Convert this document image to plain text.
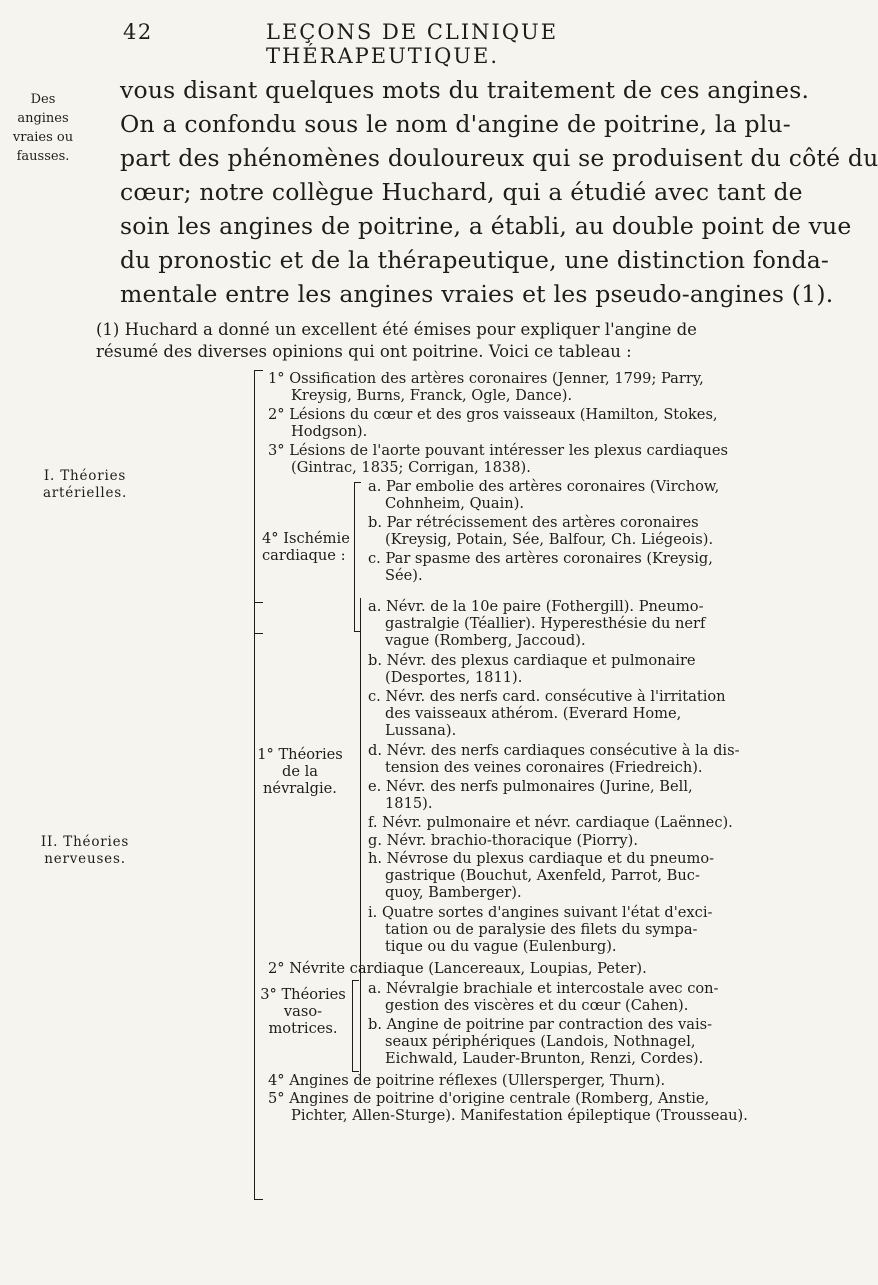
42	LEÇONS DE CLINIQUE THÉRAPEUTIQUE.
Des angines vraies ou fausses.
vous disant quelques mots du traitement de ces angines.
On a confondu sous le nom d'angine de poitrine, la plu-
part des phénomènes douloureux qui se produisent du côté du
cœur; notre collègue Huchard, qui a étudié avec tant de
soin les angines de poitrine, a établi, au double point de vue
du pronostic et de la thérapeutique, une distinction fonda-
mentale entre les angines vraies et les pseudo-angines (1).
(1) Huchard a donné un excellent été émises pour expliquer l'angine de
résumé des diverses opinions qui ont poitrine. Voici ce tableau :
I. Théories
artérielles.
1° Ossification des artères coronaires (Jenner, 1799; Parry,
Kreysig, Burns, Franck, Ogle, Dance).
2° Lésions du cœur et des gros vaisseaux (Hamilton, Stokes,
Hodgson).
3° Lésions de l'aorte pouvant intéresser les plexus cardiaques
(Gintrac, 1835; Corrigan, 1838).
4° Ischémie
cardiaque :
a. Par embolie des artères coronaires (Virchow,
Cohnheim, Quain).
b. Par rétrécissement des artères coronaires
(Kreysig, Potain, Sée, Balfour, Ch. Liégeois).
c. Par spasme des artères coronaires (Kreysig,
Sée).
II. Théories
nerveuses.
1° Théories
de la
névralgie.
a. Névr. de la 10e paire (Fothergill). Pneumo-
gastralgie (Téallier). Hyperesthésie du nerf
vague (Romberg, Jaccoud).
b. Névr. des plexus cardiaque et pulmonaire
(Desportes, 1811).
c. Névr. des nerfs card. consécutive à l'irritation
des vaisseaux athérom. (Everard Home,
Lussana).
d. Névr. des nerfs cardiaques consécutive à la dis-
tension des veines coronaires (Friedreich).
e. Névr. des nerfs pulmonaires (Jurine, Bell,
1815).
f. Névr. pulmonaire et névr. cardiaque (Laënnec).
g. Névr. brachio-thoracique (Piorry).
h. Névrose du plexus cardiaque et du pneumo-
gastrique (Bouchut, Axenfeld, Parrot, Buc-
quoy, Bamberger).
i. Quatre sortes d'angines suivant l'état d'exci-
tation ou de paralysie des filets du sympa-
tique ou du vague (Eulenburg).
2° Névrite cardiaque (Lancereaux, Loupias, Peter).
3° Théories
vaso-
motrices.
a. Névralgie brachiale et intercostale avec con-
gestion des viscères et du cœur (Cahen).
b. Angine de poitrine par contraction des vais-
seaux périphériques (Landois, Nothnagel,
Eichwald, Lauder-Brunton, Renzi, Cordes).
4° Angines de poitrine réflexes (Ullersperger, Thurn).
5° Angines de poitrine d'origine centrale (Romberg, Anstie,
Pichter, Allen-Sturge). Manifestation épileptique (Trousseau).
